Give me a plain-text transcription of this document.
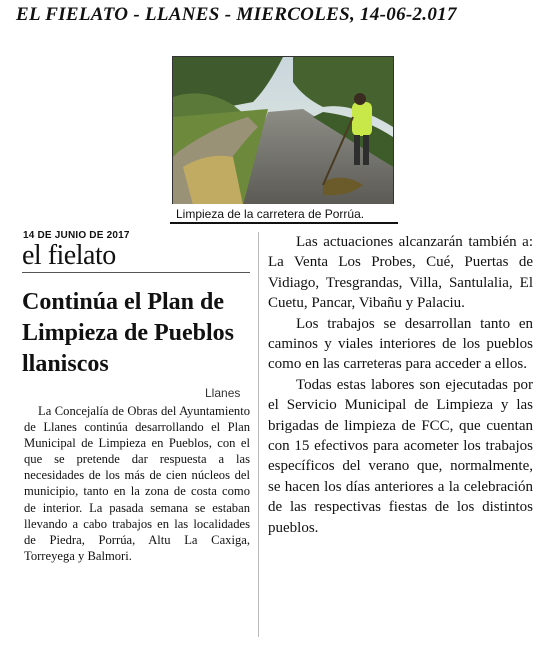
EL FIELATO - LLANES - MIERCOLES, 14-06-2.017
Limpieza de la carretera de Porrúa.
14 DE JUNIO DE 2017
el fielato
Continúa el Plan de Limpieza de Pueblos llaniscos
Llanes

La Concejalía de Obras del Ayuntamiento de Llanes continúa desarrollando el Plan Municipal de Limpieza en Pueblos, con el que se pretende dar respuesta a las necesidades de los más de cien núcleos del municipio, tanto en la zona de costa como de interior. La pasada semana se estaban llevando a cabo trabajos en las localidades de Piedra, Porrúa, Altu La Caxiga, Torreyega y Balmori.

Las actuaciones alcanzarán también a: La Venta Los Probes, Cué, Puertas de Vidiago, Tresgrandas, Villa, Santulalia, El Cuetu, Pancar, Vibañu y Palaciu.

Los trabajos se desarrollan tanto en caminos y viales interiores de los pueblos como en las carreteras para acceder a ellos.

Todas estas labores son ejecutadas por el Servicio Municipal de Limpieza y las brigadas de limpieza de FCC, que cuentan con 15 efectivos para acometer los trabajos específicos del verano que, normalmente, se hacen los días anteriores a la celebración de las respectivas fiestas de los distintos pueblos.
